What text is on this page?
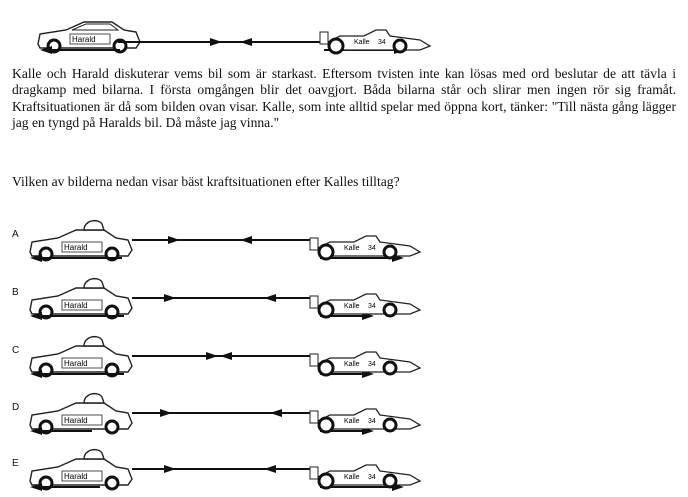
Harald	Kalle 34

Kalle och Harald diskuterar vems bil som är starkast. Eftersom tvisten inte kan lösas med ord beslutar de att tävla i dragkamp med bilarna. I första omgången blir det oavgjort. Båda bilarna står och slirar men ingen rör sig framåt. Kraftsituationen är då som bilden ovan visar. Kalle, som inte alltid spelar med öppna kort, tänker: "Till nästa gång lägger jag en tyngd på Haralds bil. Då måste jag vinna."

Vilken av bilderna nedan visar bäst kraftsituationen efter Kalles tilltag?

A
Harald	Kalle 34
B
Harald	Kalle 34
C
Harald	Kalle 34
D
Harald	Kalle 34
E
Harald	Kalle 34
